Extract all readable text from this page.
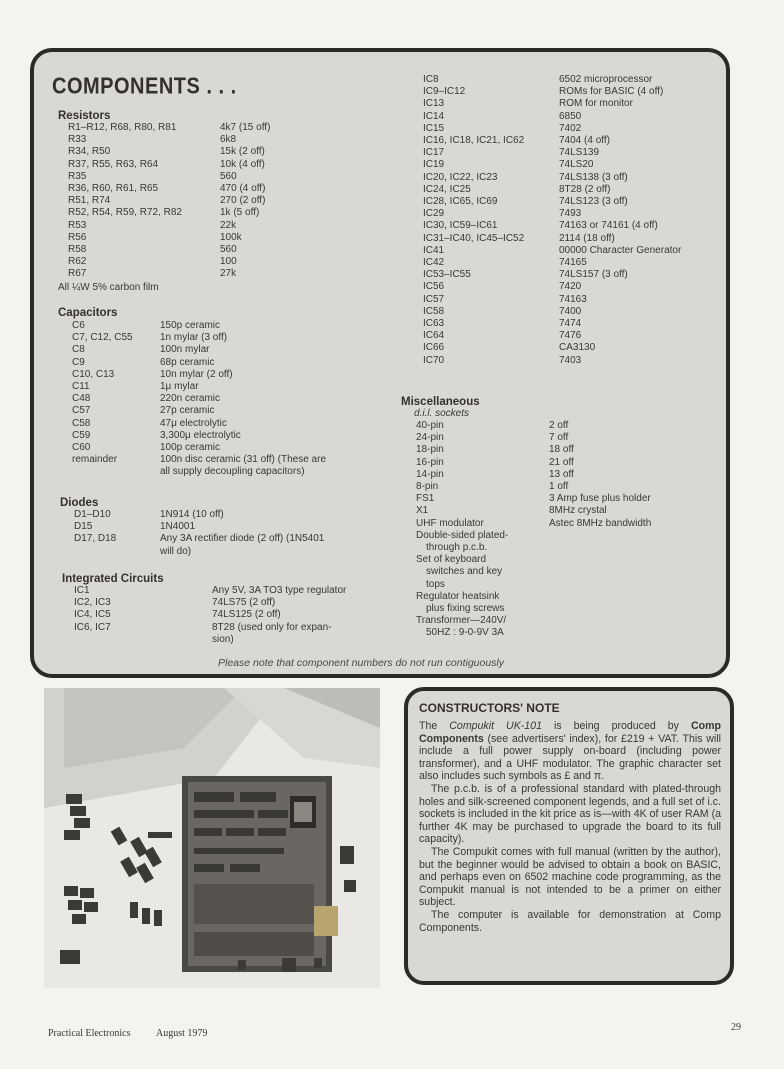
COMPONENTS . . .
Resistors
R1–R12, R68, R80, R81	4k7 (15 off)
R33	6k8
R34, R50	15k (2 off)
R37, R55, R63, R64	10k (4 off)
R35	560
R36, R60, R61, R65	470 (4 off)
R51, R74	270 (2 off)
R52, R54, R59, R72, R82	1k (5 off)
R53	22k
R56	100k
R58	560
R62	100
R67	27k
All ¼W 5% carbon film
Capacitors
C6	150p ceramic
C7, C12, C55	1n mylar (3 off)
C8	100n mylar
C9	68p ceramic
C10, C13	10n mylar (2 off)
C11	1μ mylar
C48	220n ceramic
C57	27p ceramic
C58	47μ electrolytic
C59	3,300μ electrolytic
C60	100p ceramic
remainder	100n disc ceramic (31 off) (These are
all supply decoupling capacitors)
Diodes
D1–D10	1N914 (10 off)
D15	1N4001
D17, D18	Any 3A rectifier diode (2 off) (1N5401
will do)
Integrated Circuits
IC1	Any 5V, 3A TO3 type regulator
IC2, IC3	74LS75 (2 off)
IC4, IC5	74LS125 (2 off)
IC6, IC7	8T28 (used only for expan-
sion)
IC8	6502 microprocessor
IC9–IC12	ROMs for BASIC (4 off)
IC13	ROM for monitor
IC14	6850
IC15	7402
IC16, IC18, IC21, IC62	7404 (4 off)
IC17	74LS139
IC19	74LS20
IC20, IC22, IC23	74LS138 (3 off)
IC24, IC25	8T28 (2 off)
IC28, IC65, IC69	74LS123 (3 off)
IC29	7493
IC30, IC59–IC61	74163 or 74161 (4 off)
IC31–IC40, IC45–IC52	2114 (18 off)
IC41	00000 Character Generator
IC42	74165
IC53–IC55	74LS157 (3 off)
IC56	7420
IC57	74163
IC58	7400
IC63	7474
IC64	7476
IC66	CA3130
IC70	7403
Miscellaneous
d.i.l. sockets
40-pin	2 off
24-pin	7 off
18-pin	18 off
16-pin	21 off
14-pin	13 off
8-pin	1 off
FS1	3 Amp fuse plus holder
X1	8MHz crystal
UHF modulator	Astec 8MHz bandwidth
Double-sided plated-
through p.c.b.
Set of keyboard
switches and key
tops
Regulator heatsink
plus fixing screws
Transformer—240V/
50HZ : 9-0-9V 3A
Please note that component numbers do not run contiguously
CONSTRUCTORS' NOTE

The Compukit UK-101 is being produced by Comp Components (see advertisers' index), for £219 + VAT. This will include a full power supply on-board (including power transformer), and a UHF modulator. The graphic character set also includes such symbols as £ and π.

The p.c.b. is of a professional standard with plated-through holes and silk-screened component legends, and a full set of i.c. sockets is included in the kit price as is—with 4K of user RAM (a further 4K may be purchased to upgrade the board to its full capacity).

The Compukit comes with full manual (written by the author), but the beginner would be advised to obtain a book on BASIC, and perhaps even on 6502 machine code programming, as the Compukit manual is not intended to be a primer on either subject.

The computer is available for demonstration at Comp Components.

Practical Electronics	August 1979
29
